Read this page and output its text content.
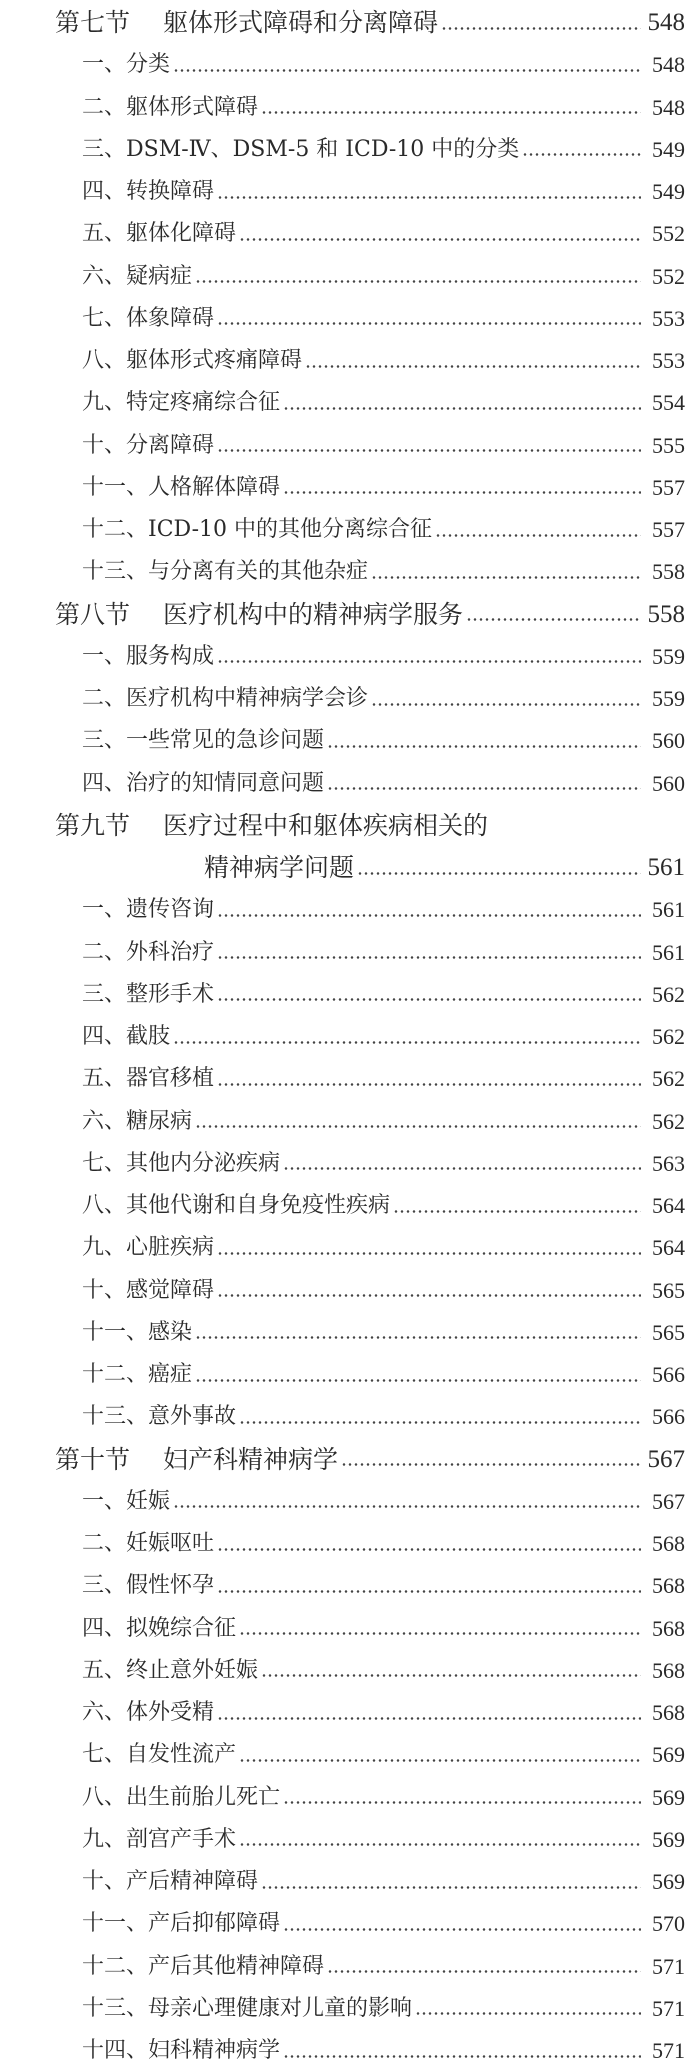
第七节	躯体形式障碍和分离障碍	548
一、分类	548
二、躯体形式障碍	548
三、DSM-Ⅳ、DSM-5 和 ICD-10 中的分类	549
四、转换障碍	549
五、躯体化障碍	552
六、疑病症	552
七、体象障碍	553
八、躯体形式疼痛障碍	553
九、特定疼痛综合征	554
十、分离障碍	555
十一、人格解体障碍	557
十二、ICD-10 中的其他分离综合征	557
十三、与分离有关的其他杂症	558
第八节	医疗机构中的精神病学服务	558
一、服务构成	559
二、医疗机构中精神病学会诊	559
三、一些常见的急诊问题	560
四、治疗的知情同意问题	560
第九节	医疗过程中和躯体疾病相关的
精神病学问题	561
一、遗传咨询	561
二、外科治疗	561
三、整形手术	562
四、截肢	562
五、器官移植	562
六、糖尿病	562
七、其他内分泌疾病	563
八、其他代谢和自身免疫性疾病	564
九、心脏疾病	564
十、感觉障碍	565
十一、感染	565
十二、癌症	566
十三、意外事故	566
第十节	妇产科精神病学	567
一、妊娠	567
二、妊娠呕吐	568
三、假性怀孕	568
四、拟娩综合征	568
五、终止意外妊娠	568
六、体外受精	568
七、自发性流产	569
八、出生前胎儿死亡	569
九、剖宫产手术	569
十、产后精神障碍	569
十一、产后抑郁障碍	570
十二、产后其他精神障碍	571
十三、母亲心理健康对儿童的影响	571
十四、妇科精神病学	571
